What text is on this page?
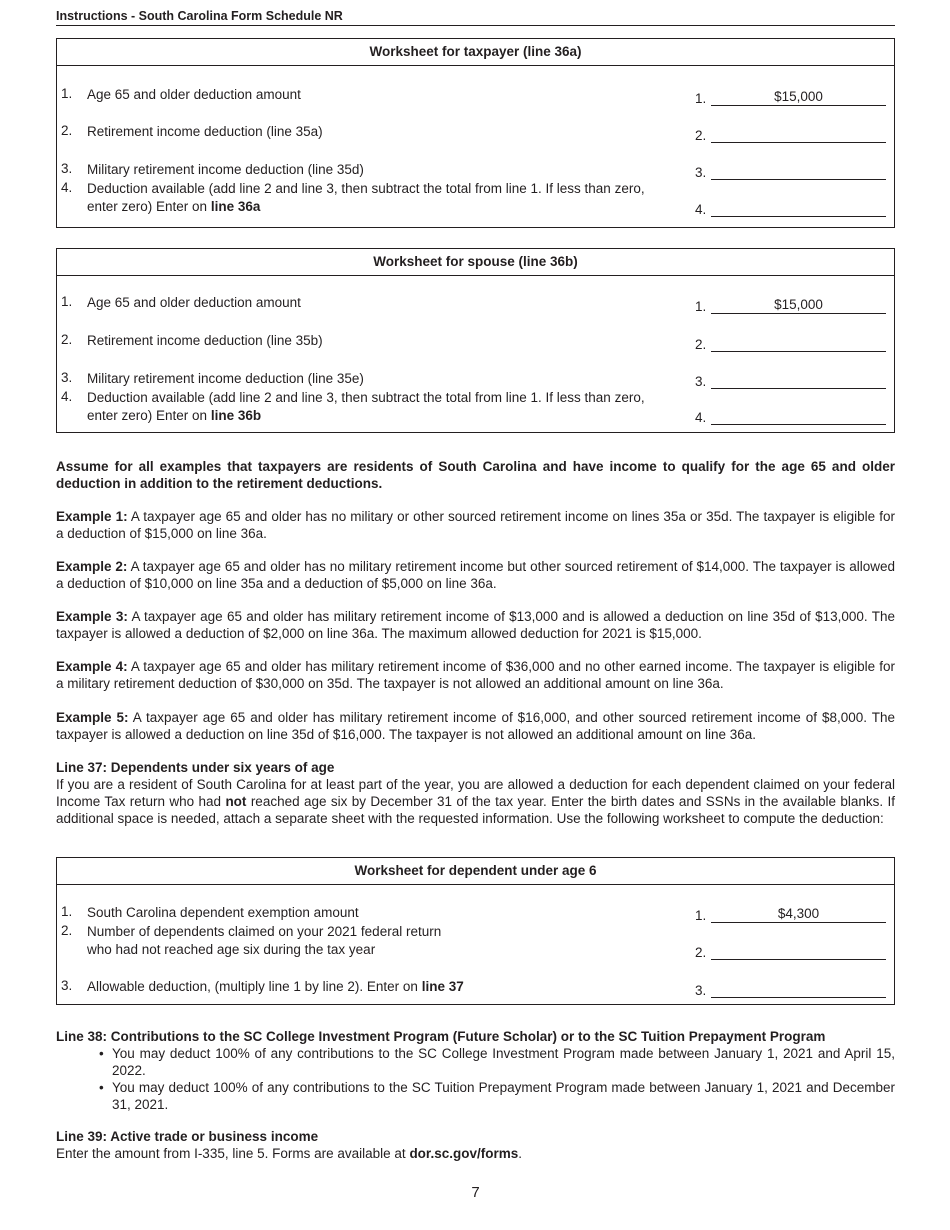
Instructions - South Carolina Form Schedule NR
Worksheet for taxpayer (line 36a)
1. Age 65 and older deduction amount	1.	$15,000
2. Retirement income deduction (line 35a)	2.
3. Military retirement income deduction (line 35d)	3.
4. Deduction available (add line 2 and line 3, then subtract the total from line 1. If less than zero, enter zero) Enter on line 36a	4.
Worksheet for spouse (line 36b)
1. Age 65 and older deduction amount	1.	$15,000
2. Retirement income deduction (line 35b)	2.
3. Military retirement income deduction (line 35e)	3.
4. Deduction available (add line 2 and line 3, then subtract the total from line 1. If less than zero, enter zero) Enter on line 36b	4.
Assume for all examples that taxpayers are residents of South Carolina and have income to qualify for the age 65 and older deduction in addition to the retirement deductions.
Example 1: A taxpayer age 65 and older has no military or other sourced retirement income on lines 35a or 35d. The taxpayer is eligible for a deduction of $15,000 on line 36a.
Example 2: A taxpayer age 65 and older has no military retirement income but other sourced retirement of $14,000. The taxpayer is allowed a deduction of $10,000 on line 35a and a deduction of $5,000 on line 36a.
Example 3: A taxpayer age 65 and older has military retirement income of $13,000 and is allowed a deduction on line 35d of $13,000. The taxpayer is allowed a deduction of $2,000 on line 36a. The maximum allowed deduction for 2021 is $15,000.
Example 4: A taxpayer age 65 and older has military retirement income of $36,000 and no other earned income. The taxpayer is eligible for a military retirement deduction of $30,000 on 35d. The taxpayer is not allowed an additional amount on line 36a.
Example 5: A taxpayer age 65 and older has military retirement income of $16,000, and other sourced retirement income of $8,000. The taxpayer is allowed a deduction on line 35d of $16,000. The taxpayer is not allowed an additional amount on line 36a.
Line 37: Dependents under six years of age
If you are a resident of South Carolina for at least part of the year, you are allowed a deduction for each dependent claimed on your federal Income Tax return who had not reached age six by December 31 of the tax year. Enter the birth dates and SSNs in the available blanks. If additional space is needed, attach a separate sheet with the requested information. Use the following worksheet to compute the deduction:
Worksheet for dependent under age 6
1. South Carolina dependent exemption amount	1.	$4,300
2. Number of dependents claimed on your 2021 federal return
who had not reached age six during the tax year	2.
3. Allowable deduction, (multiply line 1 by line 2). Enter on line 37	3.
Line 38: Contributions to the SC College Investment Program (Future Scholar) or to the SC Tuition Prepayment Program
• You may deduct 100% of any contributions to the SC College Investment Program made between January 1, 2021 and April 15, 2022.
• You may deduct 100% of any contributions to the SC Tuition Prepayment Program made between January 1, 2021 and December 31, 2021.
Line 39: Active trade or business income
Enter the amount from I-335, line 5. Forms are available at dor.sc.gov/forms.
7
